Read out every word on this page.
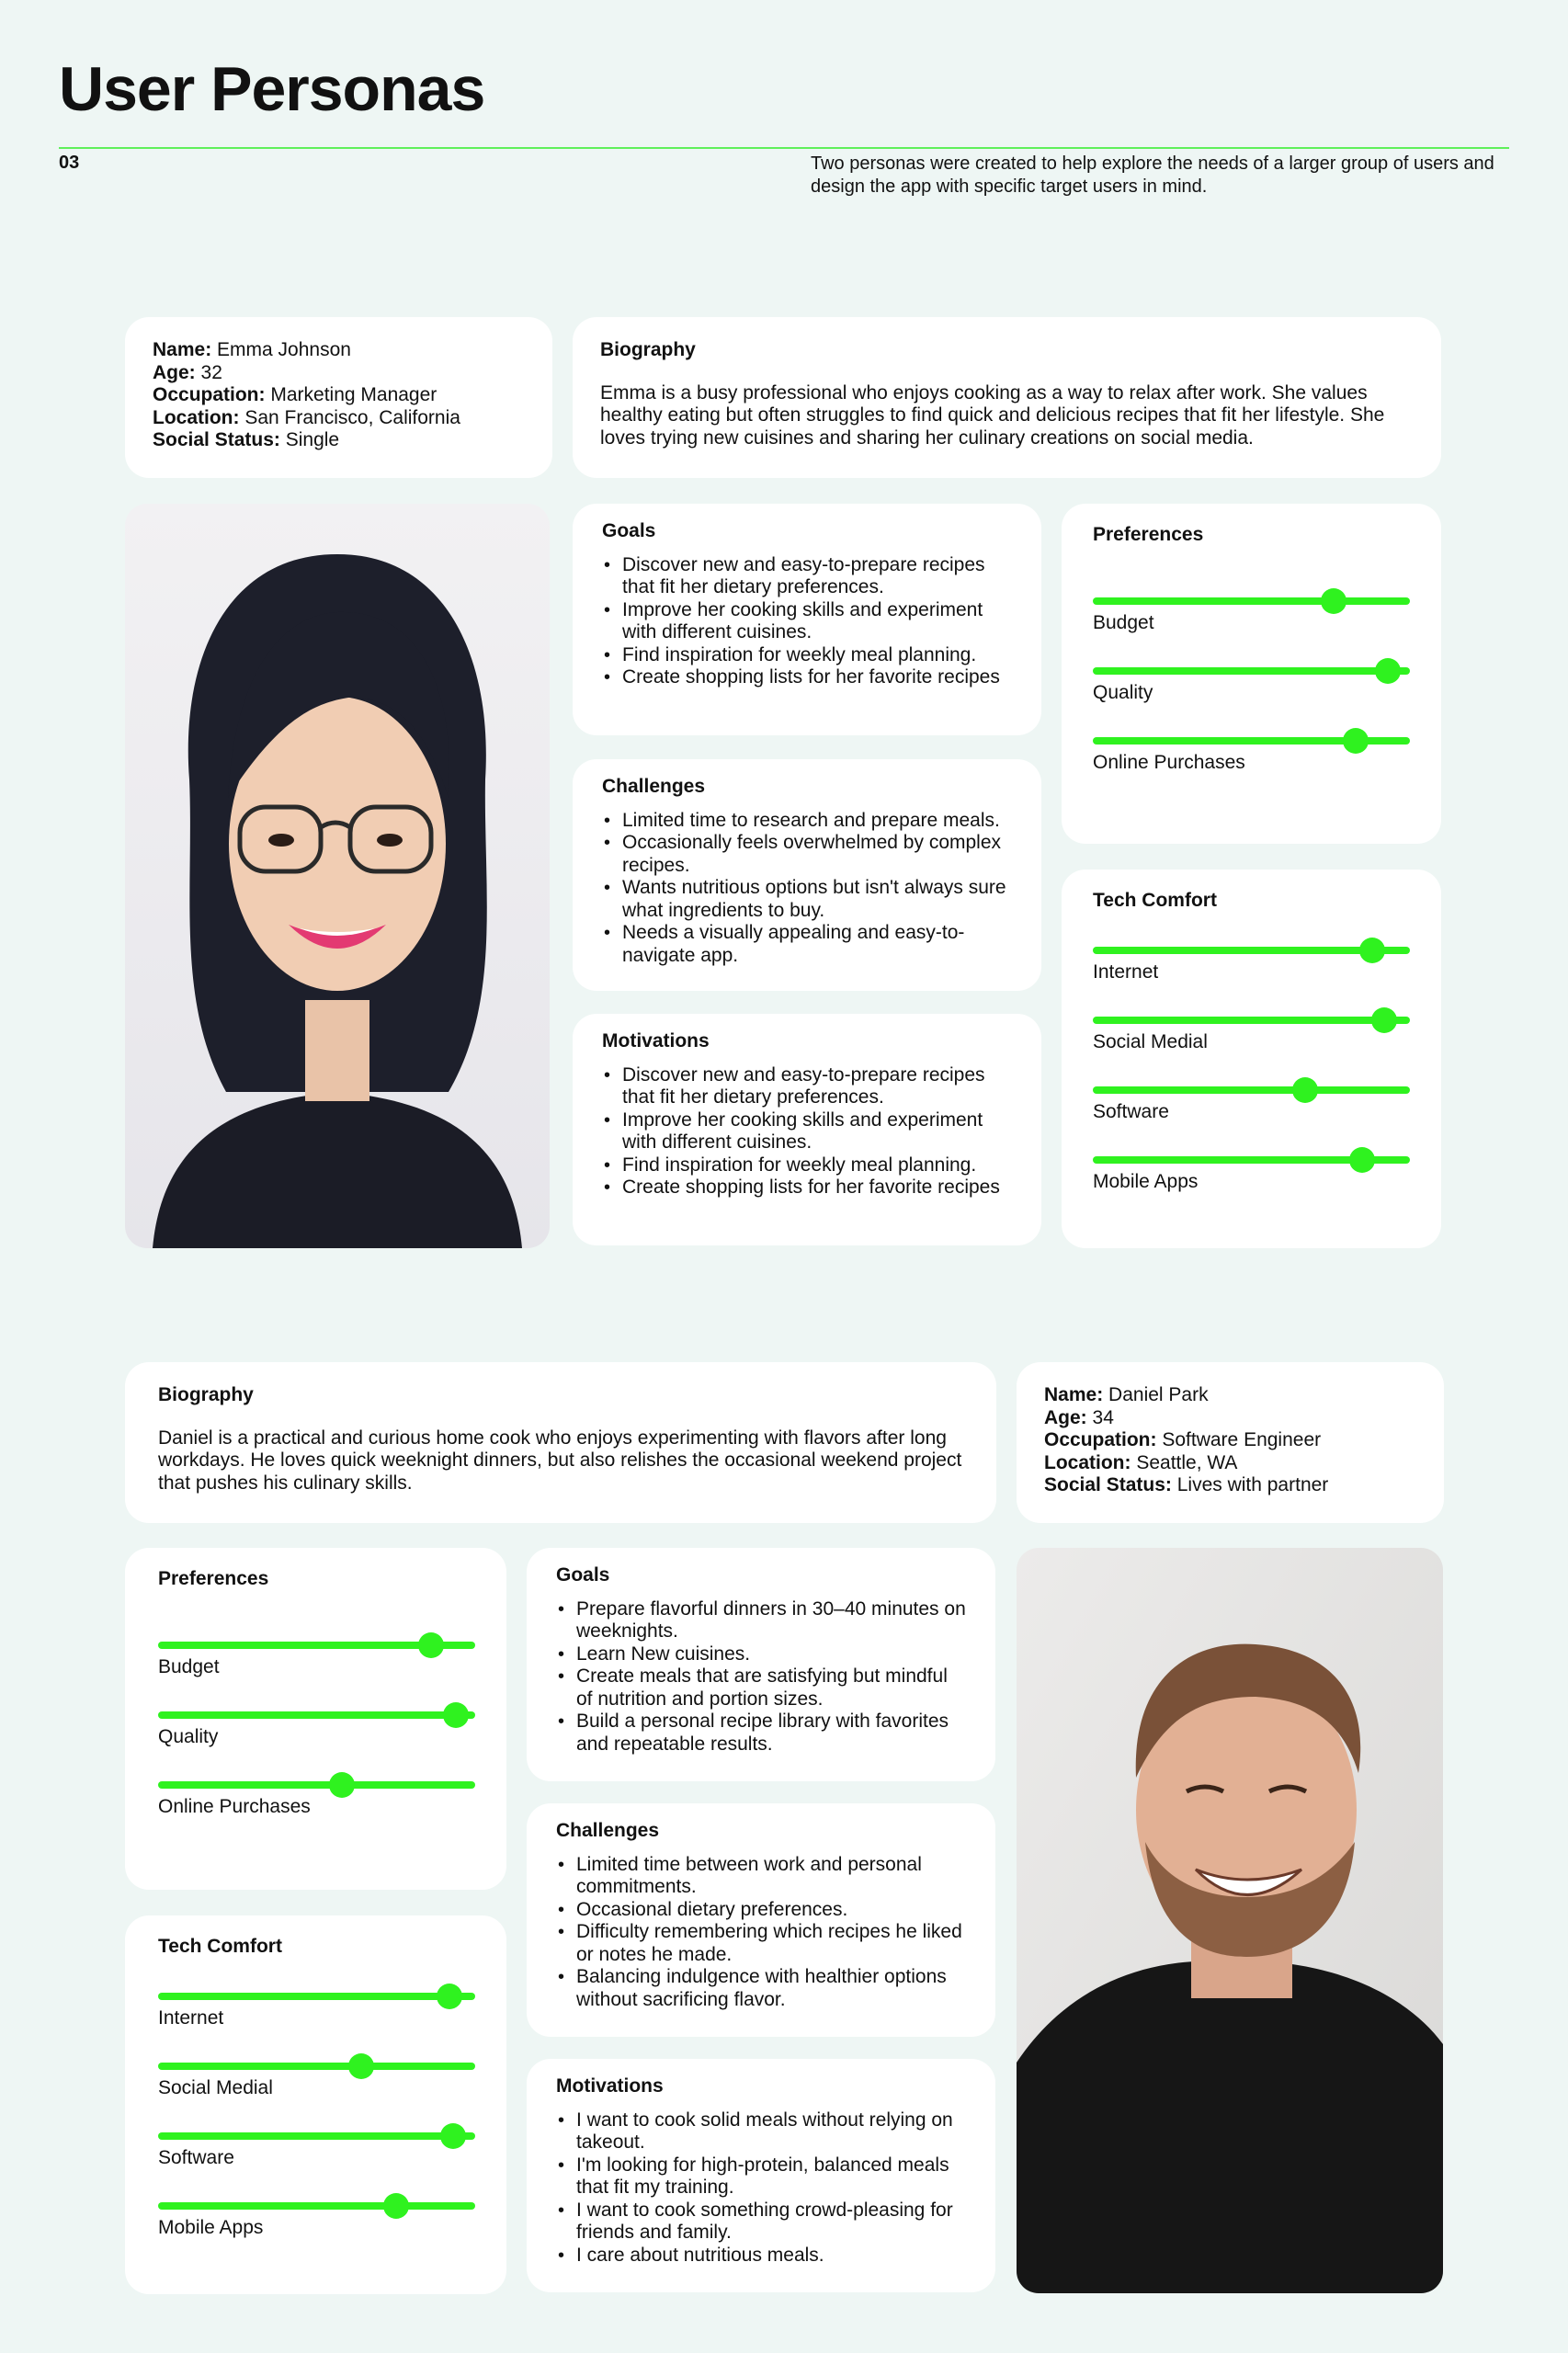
User Personas
03	Two personas were created to help explore the needs of a larger group of users and design the app with specific target users in mind.
Name: Emma Johnson
Age: 32
Occupation: Marketing Manager
Location: San Francisco, California
Social Status: Single
Biography
Emma is a busy professional who enjoys cooking as a way to relax after work. She values healthy eating but often struggles to find quick and delicious recipes that fit her lifestyle. She loves trying new cuisines and sharing her culinary creations on social media.
Goals
• Discover new and easy-to-prepare recipes that fit her dietary preferences.
• Improve her cooking skills and experiment with different cuisines.
• Find inspiration for weekly meal planning.
• Create shopping lists for her favorite recipes
Challenges
• Limited time to research and prepare meals.
• Occasionally feels overwhelmed by complex recipes.
• Wants nutritious options but isn't always sure what ingredients to buy.
• Needs a visually appealing and easy-to-navigate app.
Motivations
• Discover new and easy-to-prepare recipes that fit her dietary preferences.
• Improve her cooking skills and experiment with different cuisines.
• Find inspiration for weekly meal planning.
• Create shopping lists for her favorite recipes
Preferences
Budget
Quality
Online Purchases
Tech Comfort
Internet
Social Medial
Software
Mobile Apps
Biography
Daniel is a practical and curious home cook who enjoys experimenting with flavors after long workdays. He loves quick weeknight dinners, but also relishes the occasional weekend project that pushes his culinary skills.
Name: Daniel Park
Age: 34
Occupation: Software Engineer
Location: Seattle, WA
Social Status: Lives with partner
Preferences
Budget
Quality
Online Purchases
Tech Comfort
Internet
Social Medial
Software
Mobile Apps
Goals
• Prepare flavorful dinners in 30–40 minutes on weeknights.
• Learn New cuisines.
• Create meals that are satisfying but mindful of nutrition and portion sizes.
• Build a personal recipe library with favorites and repeatable results.
Challenges
• Limited time between work and personal commitments.
• Occasional dietary preferences.
• Difficulty remembering which recipes he liked or notes he made.
• Balancing indulgence with healthier options without sacrificing flavor.
Motivations
• I want to cook solid meals without relying on takeout.
• I'm looking for high-protein, balanced meals that fit my training.
• I want to cook something crowd-pleasing for friends and family.
• I care about nutritious meals.
